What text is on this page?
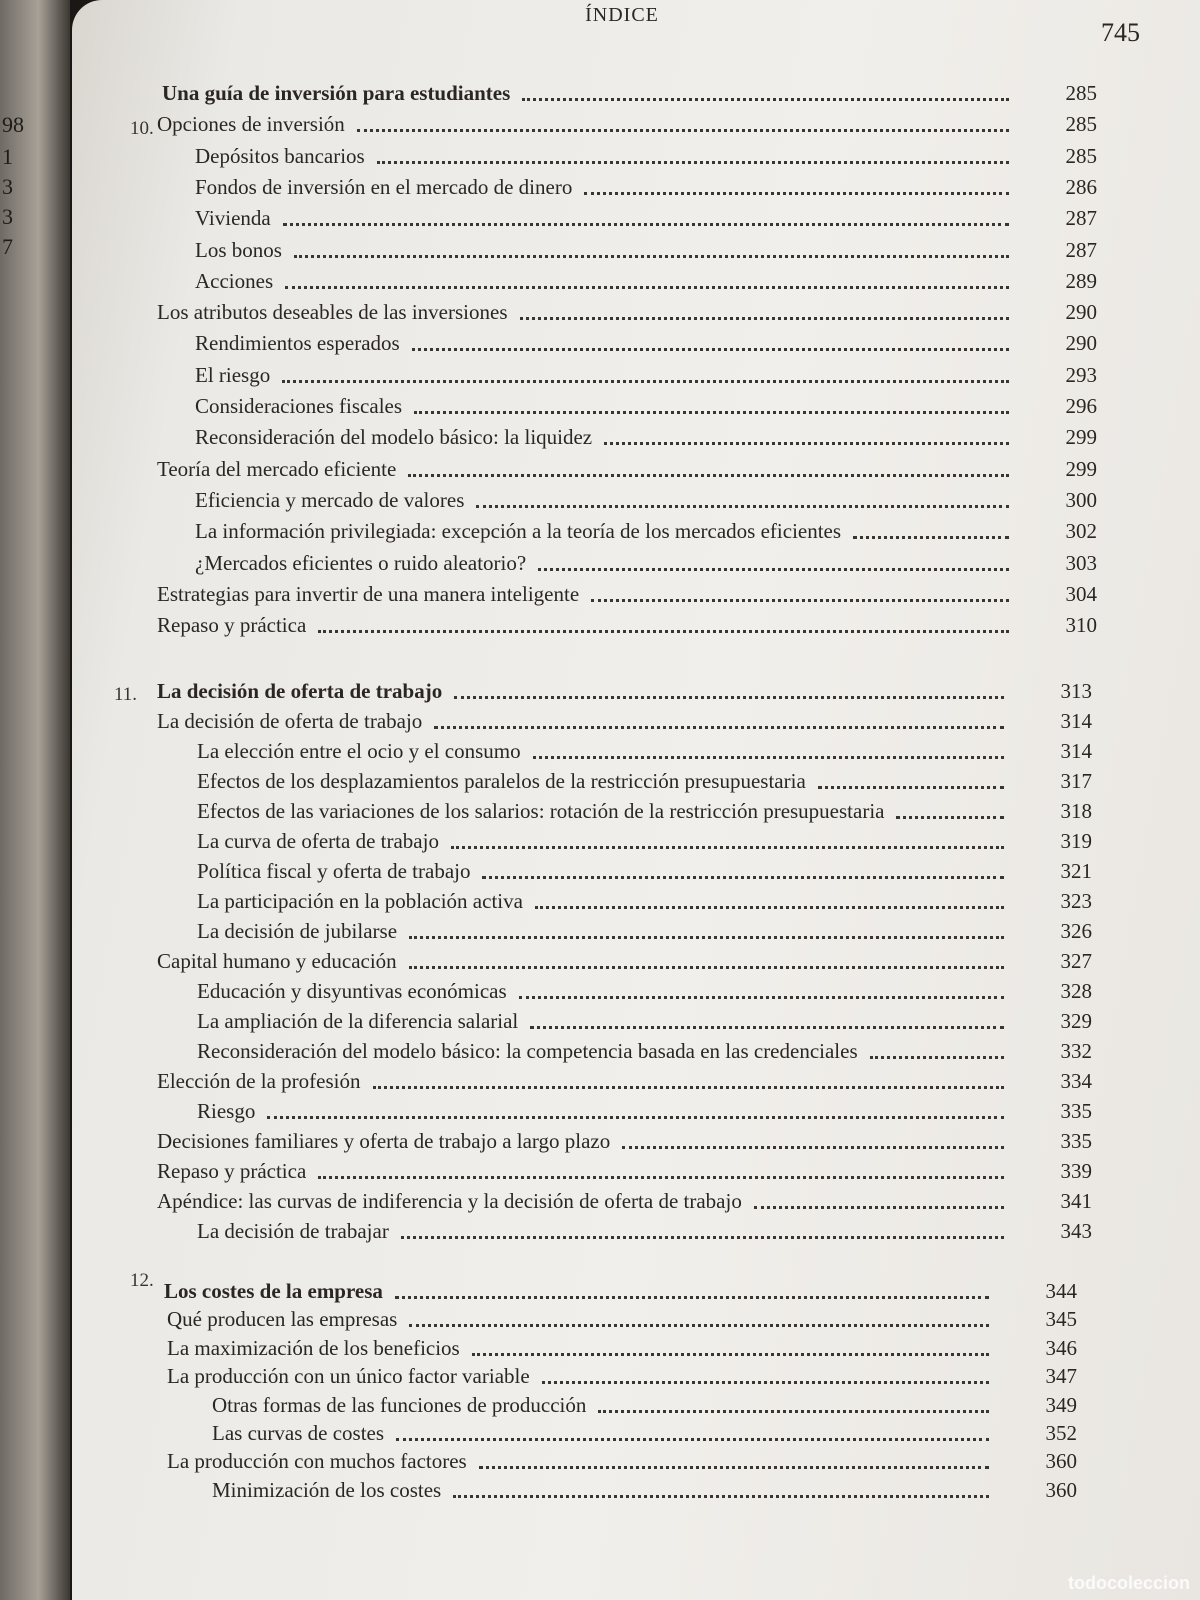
98
1
3
3
7
ÍNDICE
745
10.
Una guía de inversión para estudiantes	285
Opciones de inversión	285
Depósitos bancarios	285
Fondos de inversión en el mercado de dinero	286
Vivienda	287
Los bonos	287
Acciones	289
Los atributos deseables de las inversiones	290
Rendimientos esperados	290
El riesgo	293
Consideraciones fiscales	296
Reconsideración del modelo básico: la liquidez	299
Teoría del mercado eficiente	299
Eficiencia y mercado de valores	300
La información privilegiada: excepción a la teoría de los mercados eficientes	302
¿Mercados eficientes o ruido aleatorio?	303
Estrategias para invertir de una manera inteligente	304
Repaso y práctica	310
11. La decisión de oferta de trabajo	313
La decisión de oferta de trabajo	314
La elección entre el ocio y el consumo	314
Efectos de los desplazamientos paralelos de la restricción presupuestaria	317
Efectos de las variaciones de los salarios: rotación de la restricción presupuestaria	318
La curva de oferta de trabajo	319
Política fiscal y oferta de trabajo	321
La participación en la población activa	323
La decisión de jubilarse	326
Capital humano y educación	327
Educación y disyuntivas económicas	328
La ampliación de la diferencia salarial	329
Reconsideración del modelo básico: la competencia basada en las credenciales	332
Elección de la profesión	334
Riesgo	335
Decisiones familiares y oferta de trabajo a largo plazo	335
Repaso y práctica	339
Apéndice: las curvas de indiferencia y la decisión de oferta de trabajo	341
La decisión de trabajar	343
12. Los costes de la empresa	344
Qué producen las empresas	345
La maximización de los beneficios	346
La producción con un único factor variable	347
Otras formas de las funciones de producción	349
Las curvas de costes	352
La producción con muchos factores	360
Minimización de los costes	360
todocoleccion
